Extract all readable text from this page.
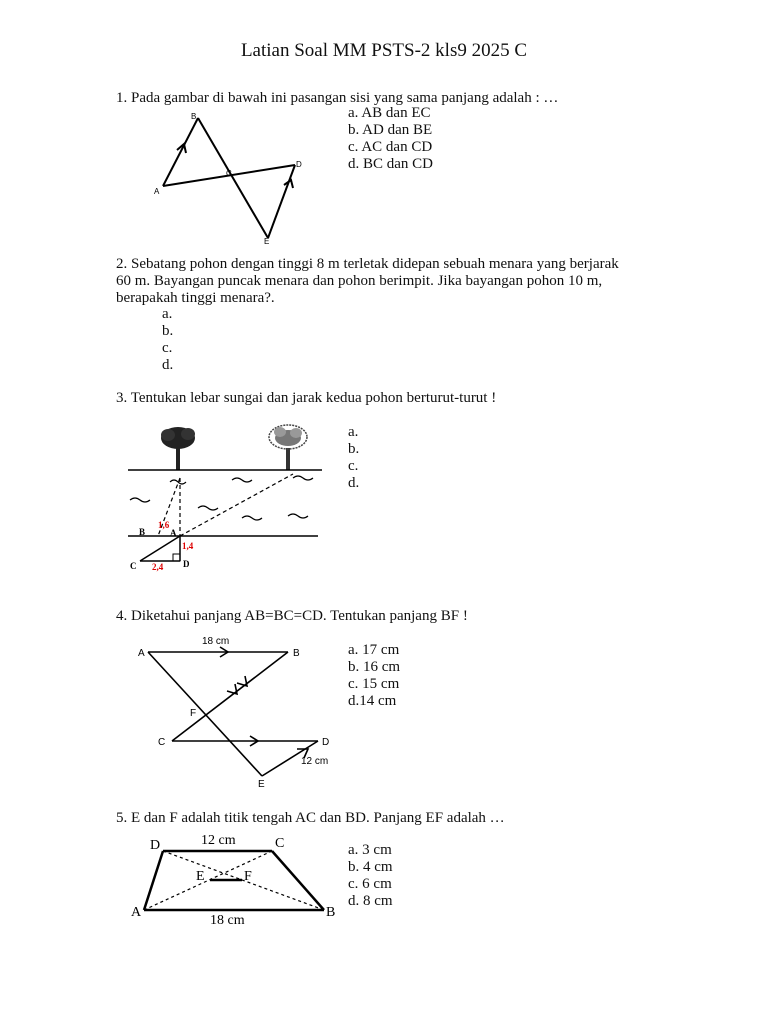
Latian Soal MM PSTS-2 kls9 2025 C
1. Pada gambar di bawah ini pasangan sisi yang sama panjang adalah : …
a. AB dan EC
b. AD dan BE
c. AC dan CD
d. BC dan CD
B
A
C
D
E
2. Sebatang pohon dengan tinggi 8 m terletak didepan sebuah menara yang berjarak
60 m. Bayangan puncak menara dan pohon berimpit. Jika bayangan pohon 10 m,
berapakah tinggi menara?.
a.
b.
c.
d.
3. Tentukan lebar sungai dan jarak kedua pohon berturut-turut !
a.
b.
c.
d.
B	A
C	D
1,6
1,4
2,4
4. Diketahui panjang AB=BC=CD. Tentukan panjang BF !
a. 17 cm
b. 16 cm
c. 15 cm
d.14 cm
A	B
C	D
E
F
18 cm
12 cm
5. E dan F adalah titik tengah AC dan BD. Panjang EF adalah …
a. 3 cm
b. 4 cm
c. 6 cm
d. 8 cm
D	C
A	B
E	F
12 cm
18 cm
